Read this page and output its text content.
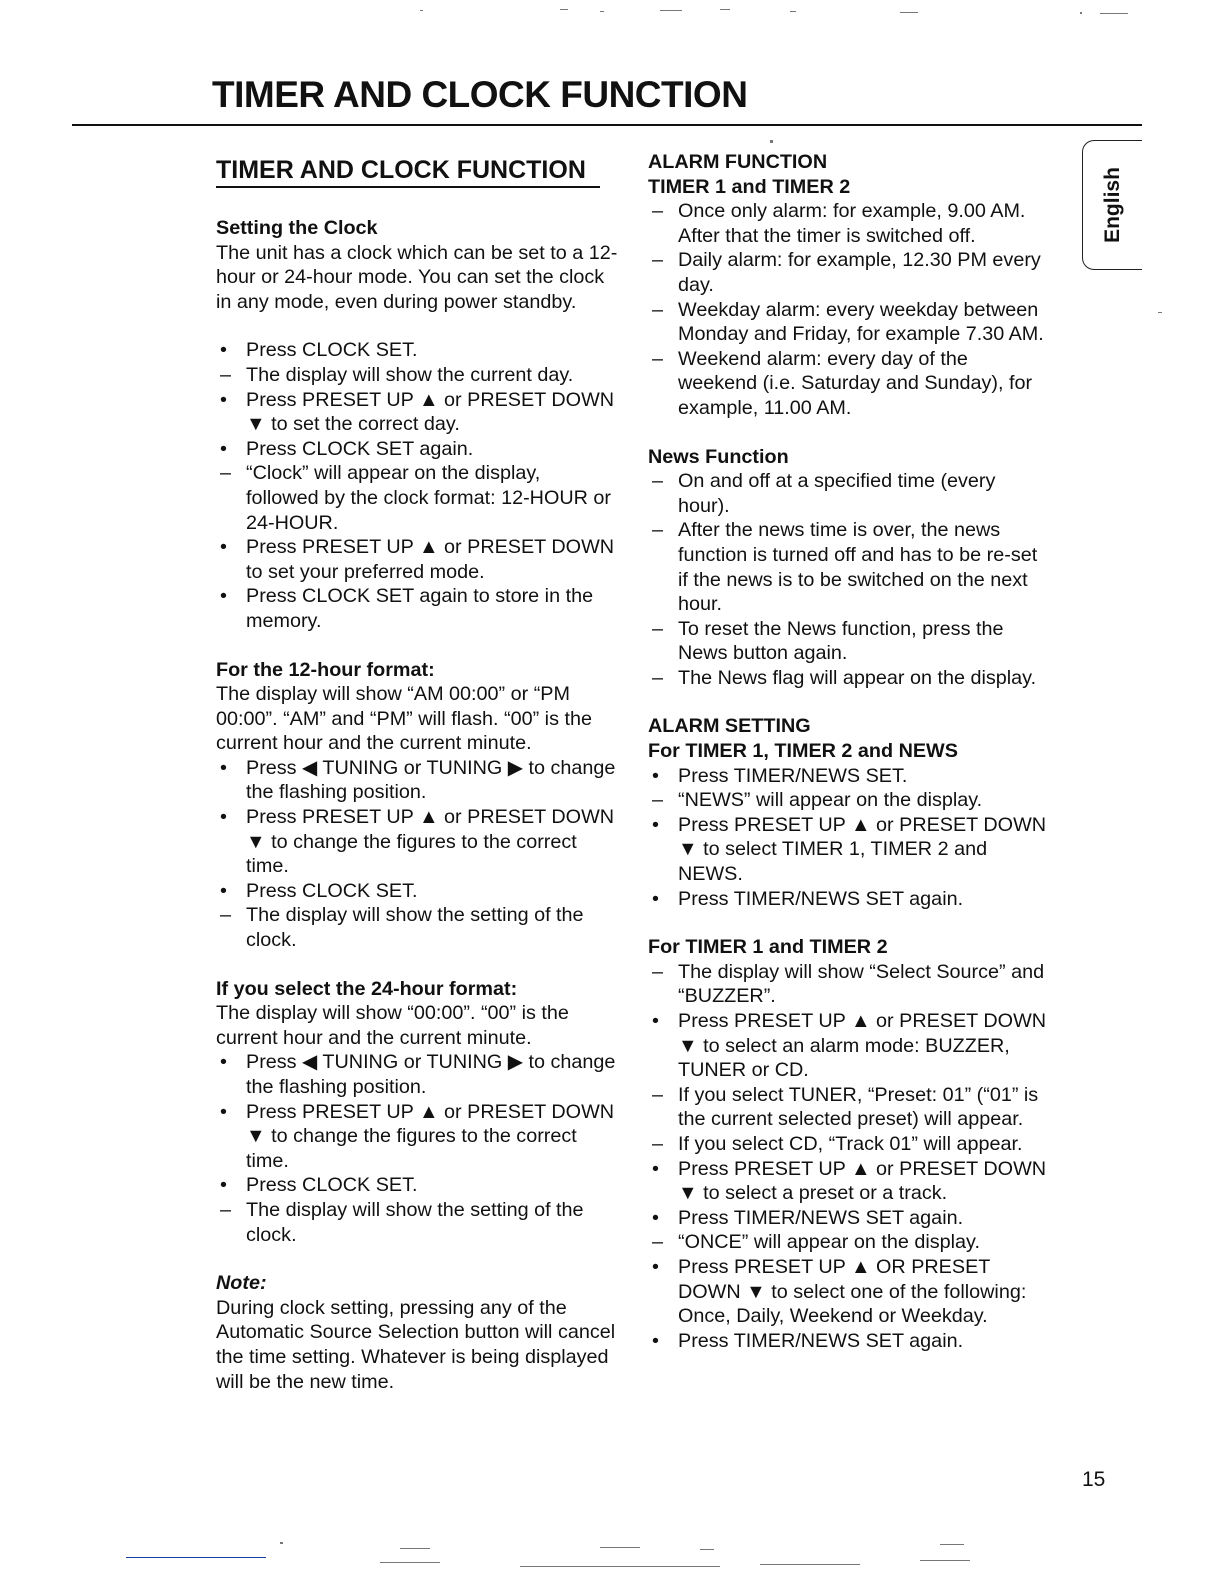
TIMER AND CLOCK FUNCTION
English

TIMER AND CLOCK FUNCTION

Setting the Clock

The unit has a clock which can be set to a 12-hour or 24-hour mode. You can set the clock in any mode, even during power standby.

• Press CLOCK SET.
– The display will show the current day.
• Press PRESET UP ▲ or PRESET DOWN ▼ to set the correct day.
• Press CLOCK SET again.
– “Clock” will appear on the display, followed by the clock format: 12-HOUR or 24-HOUR.
• Press PRESET UP ▲ or PRESET DOWN to set your preferred mode.
• Press CLOCK SET again to store in the memory.

For the 12-hour format:

The display will show “AM 00:00” or “PM 00:00”. “AM” and “PM” will flash. “00” is the current hour and the current minute.

• Press ◀ TUNING or TUNING ▶ to change the flashing position.
• Press PRESET UP ▲ or PRESET DOWN ▼ to change the figures to the correct time.
• Press CLOCK SET.
– The display will show the setting of the clock.

If you select the 24-hour format:

The display will show “00:00”. “00” is the current hour and the current minute.

• Press ◀ TUNING or TUNING ▶ to change the flashing position.
• Press PRESET UP ▲ or PRESET DOWN ▼ to change the figures to the correct time.
• Press CLOCK SET.
– The display will show the setting of the clock.

Note:

During clock setting, pressing any of the Automatic Source Selection button will cancel the time setting. Whatever is being displayed will be the new time.

ALARM FUNCTION

TIMER 1 and TIMER 2

– Once only alarm: for example, 9.00 AM. After that the timer is switched off.
– Daily alarm: for example, 12.30 PM every day.
– Weekday alarm: every weekday between Monday and Friday, for example 7.30 AM.
– Weekend alarm: every day of the weekend (i.e. Saturday and Sunday), for example, 11.00 AM.

News Function

– On and off at a specified time (every hour).
– After the news time is over, the news function is turned off and has to be re-set if the news is to be switched on the next hour.
– To reset the News function, press the News button again.
– The News flag will appear on the display.

ALARM SETTING

For TIMER 1, TIMER 2 and NEWS

• Press TIMER/NEWS SET.
– “NEWS” will appear on the display.
• Press PRESET UP ▲ or PRESET DOWN ▼ to select TIMER 1, TIMER 2 and NEWS.
• Press TIMER/NEWS SET again.

For TIMER 1 and TIMER 2

– The display will show “Select Source” and “BUZZER”.
• Press PRESET UP ▲ or PRESET DOWN ▼ to select an alarm mode: BUZZER, TUNER or CD.
– If you select TUNER, “Preset: 01” (“01” is the current selected preset) will appear.
– If you select CD, “Track 01” will appear.
• Press PRESET UP ▲ or PRESET DOWN ▼ to select a preset or a track.
• Press TIMER/NEWS SET again.
– “ONCE” will appear on the display.
• Press PRESET UP ▲ OR PRESET DOWN ▼ to select one of the following: Once, Daily, Weekend or Weekday.
• Press TIMER/NEWS SET again.
15
